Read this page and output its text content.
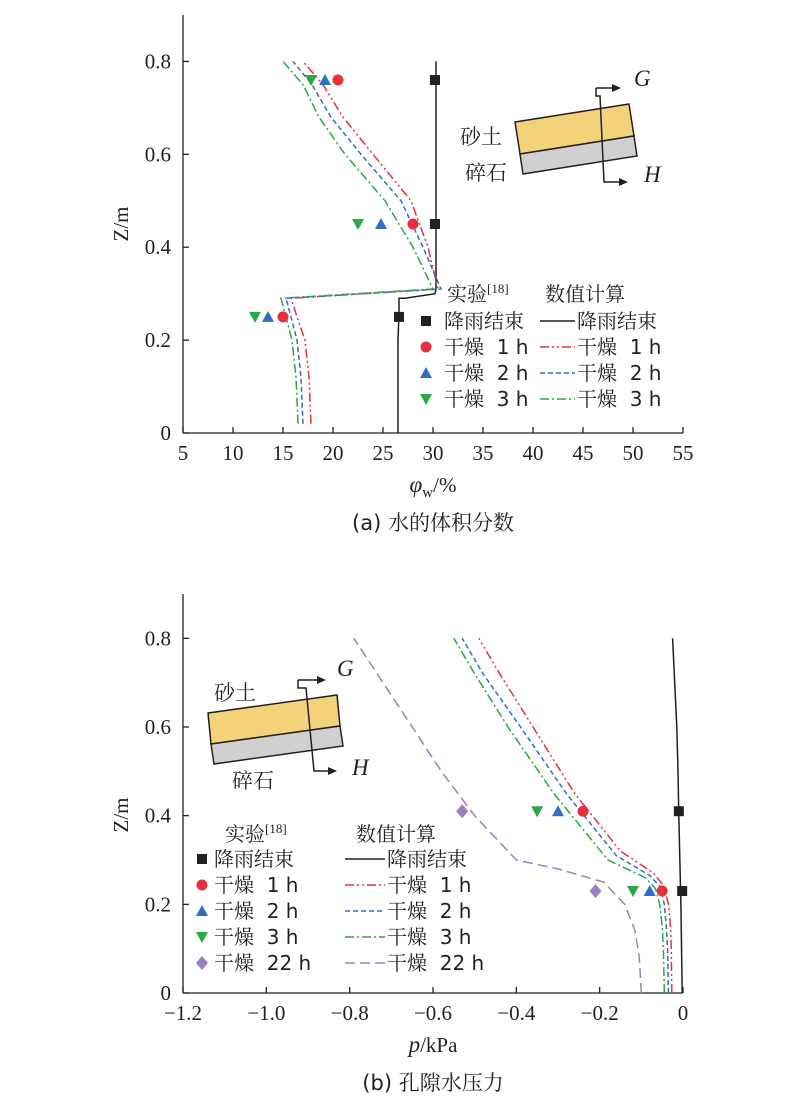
5 10 15 20 25 30 35 40 45 50 55
0
0.2
0.4
0.6
0.8
Z/m
φw/%
(a) 水的体积分数
砂土
碎石
G
H
实验[18] 数值计算
降雨结束	降雨结束
干燥  1 h 干燥  1 h
干燥  2 h 干燥  2 h
干燥  3 h 干燥  3 h
−1.2 −1.0 −0.8 −0.6 −0.4 −0.2	0
0
0.2
0.4
0.6
0.8
Z/m
p/kPa
(b) 孔隙水压力
砂土
碎石
G
H
实验[18]	数值计算
降雨结束	降雨结束
干燥  1 h	干燥  1 h
干燥  2 h	干燥  2 h
干燥  3 h	干燥  3 h
干燥  22 h	干燥  22 h
